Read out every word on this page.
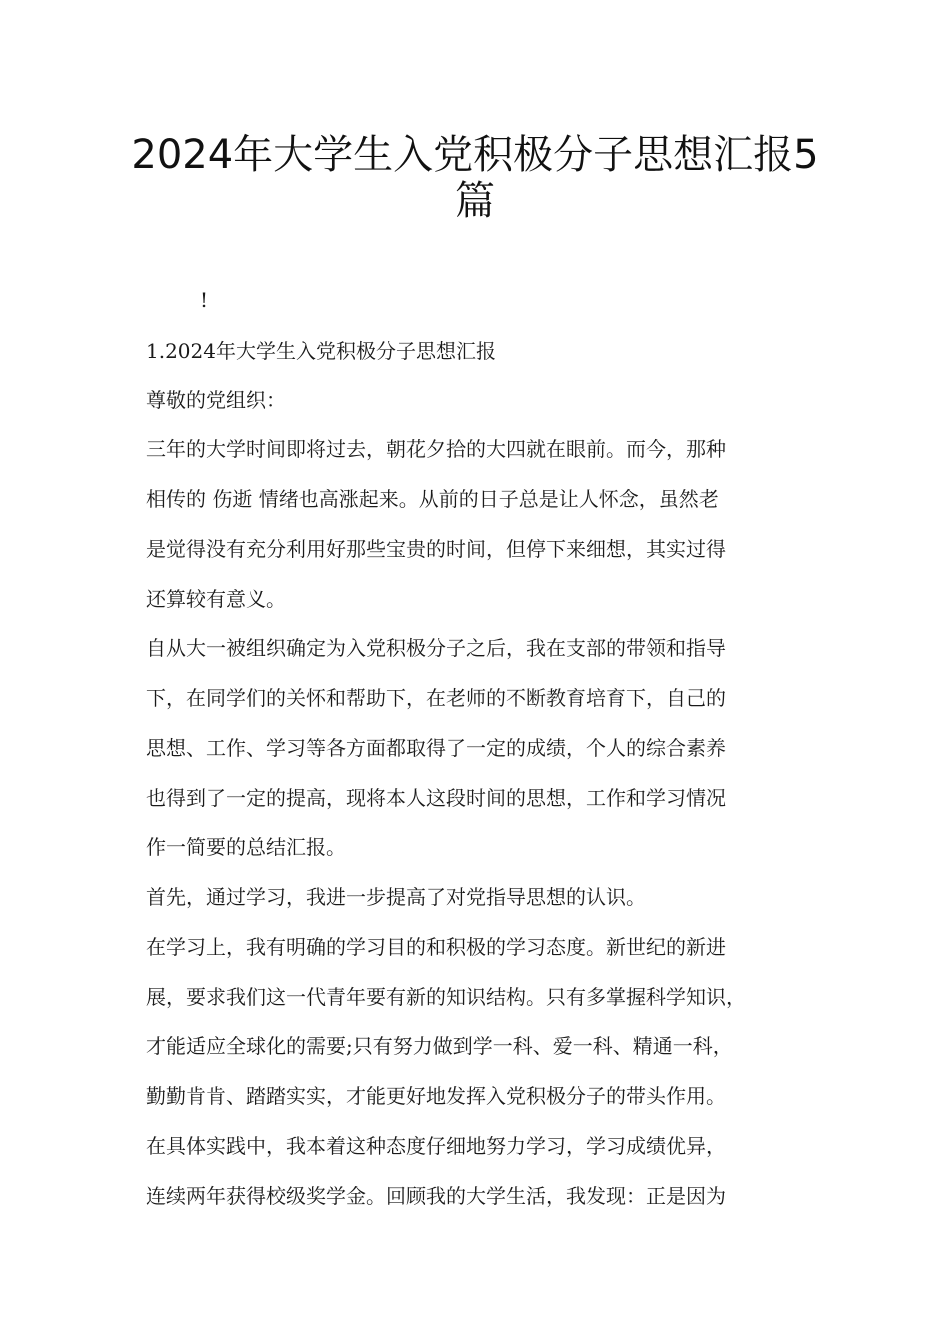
2024年大学生入党积极分子思想汇报5
篇
!
1.2024年大学生入党积极分子思想汇报
尊敬的党组织：
三年的大学时间即将过去，朝花夕拾的大四就在眼前。而今，那种
相传的 伤逝 情绪也高涨起来。从前的日子总是让人怀念，虽然老
是觉得没有充分利用好那些宝贵的时间，但停下来细想，其实过得
还算较有意义。
自从大一被组织确定为入党积极分子之后，我在支部的带领和指导
下，在同学们的关怀和帮助下，在老师的不断教育培育下，自己的
思想、工作、学习等各方面都取得了一定的成绩，个人的综合素养
也得到了一定的提高，现将本人这段时间的思想，工作和学习情况
作一简要的总结汇报。
首先，通过学习，我进一步提高了对党指导思想的认识。
在学习上，我有明确的学习目的和积极的学习态度。新世纪的新进
展，要求我们这一代青年要有新的知识结构。只有多掌握科学知识，
才能适应全球化的需要;只有努力做到学一科、爱一科、精通一科，
勤勤肯肯、踏踏实实，才能更好地发挥入党积极分子的带头作用。
在具体实践中，我本着这种态度仔细地努力学习，学习成绩优异，
连续两年获得校级奖学金。回顾我的大学生活，我发现：正是因为
